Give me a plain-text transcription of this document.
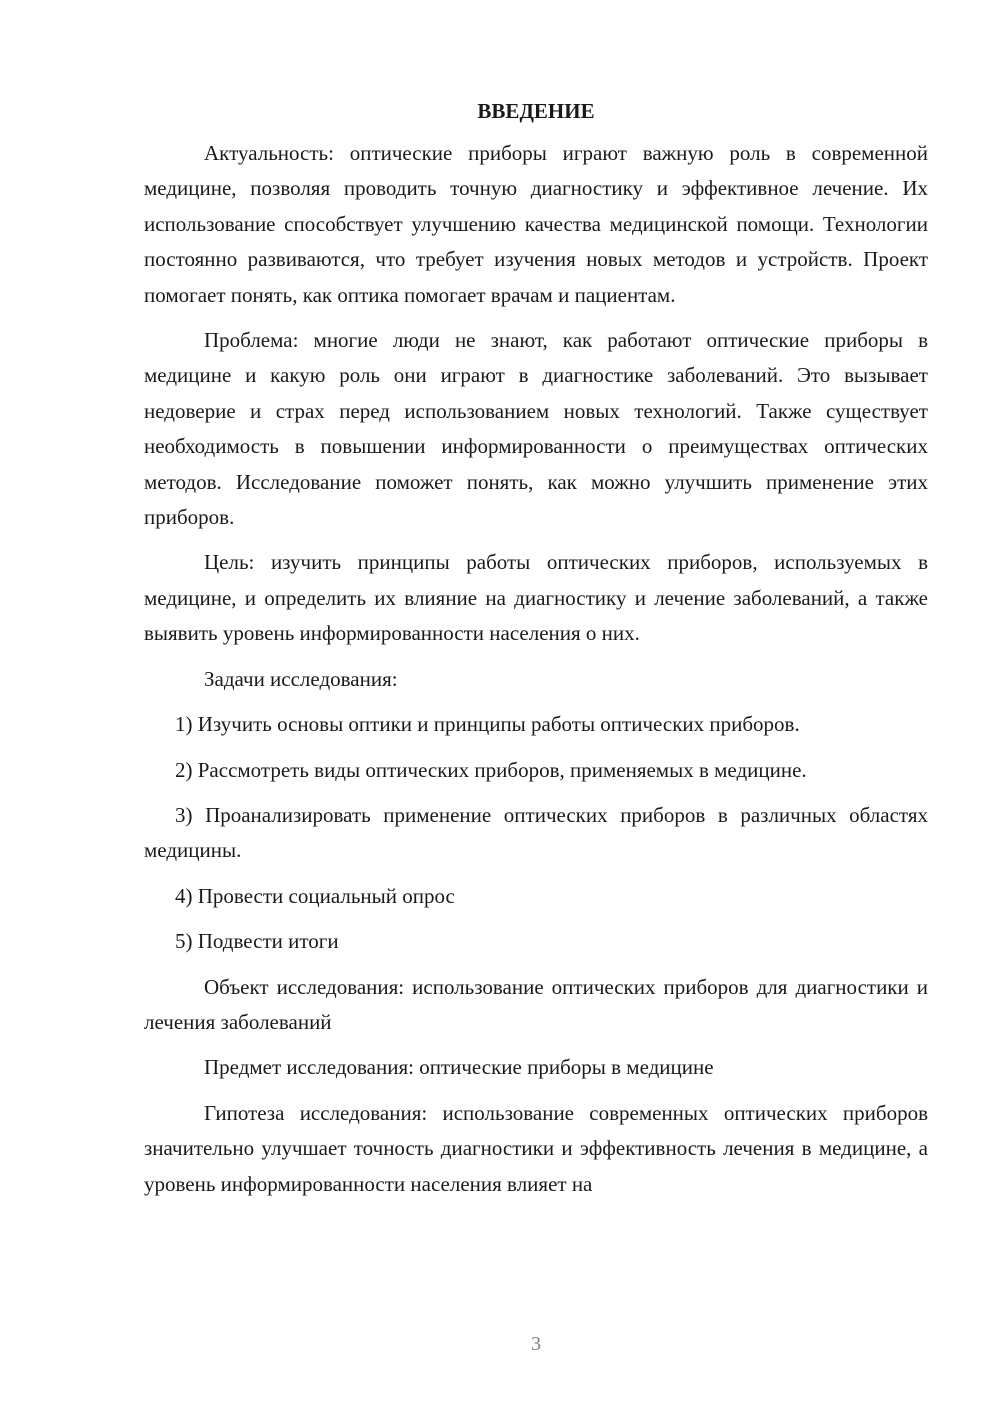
ВВЕДЕНИЕ

Актуальность: оптические приборы играют важную роль в современной медицине, позволяя проводить точную диагностику и эффективное лечение. Их использование способствует улучшению качества медицинской помощи. Технологии постоянно развиваются, что требует изучения новых методов и устройств. Проект помогает понять, как оптика помогает врачам и пациентам.

Проблема: многие люди не знают, как работают оптические приборы в медицине и какую роль они играют в диагностике заболеваний. Это вызывает недоверие и страх перед использованием новых технологий. Также существует необходимость в повышении информированности о преимуществах оптических методов. Исследование поможет понять, как можно улучшить применение этих приборов.

Цель: изучить принципы работы оптических приборов, используемых в медицине, и определить их влияние на диагностику и лечение заболеваний, а также выявить уровень информированности населения о них.

Задачи исследования:

1) Изучить основы оптики и принципы работы оптических приборов.

2) Рассмотреть виды оптических приборов, применяемых в медицине.

3) Проанализировать применение оптических приборов в различных областях медицины.

4) Провести социальный опрос

5) Подвести итоги

Объект исследования: использование оптических приборов для диагностики и лечения заболеваний

Предмет исследования: оптические приборы в медицине

Гипотеза исследования: использование современных оптических приборов значительно улучшает точность диагностики и эффективность лечения в медицине, а уровень информированности населения влияет на

3
